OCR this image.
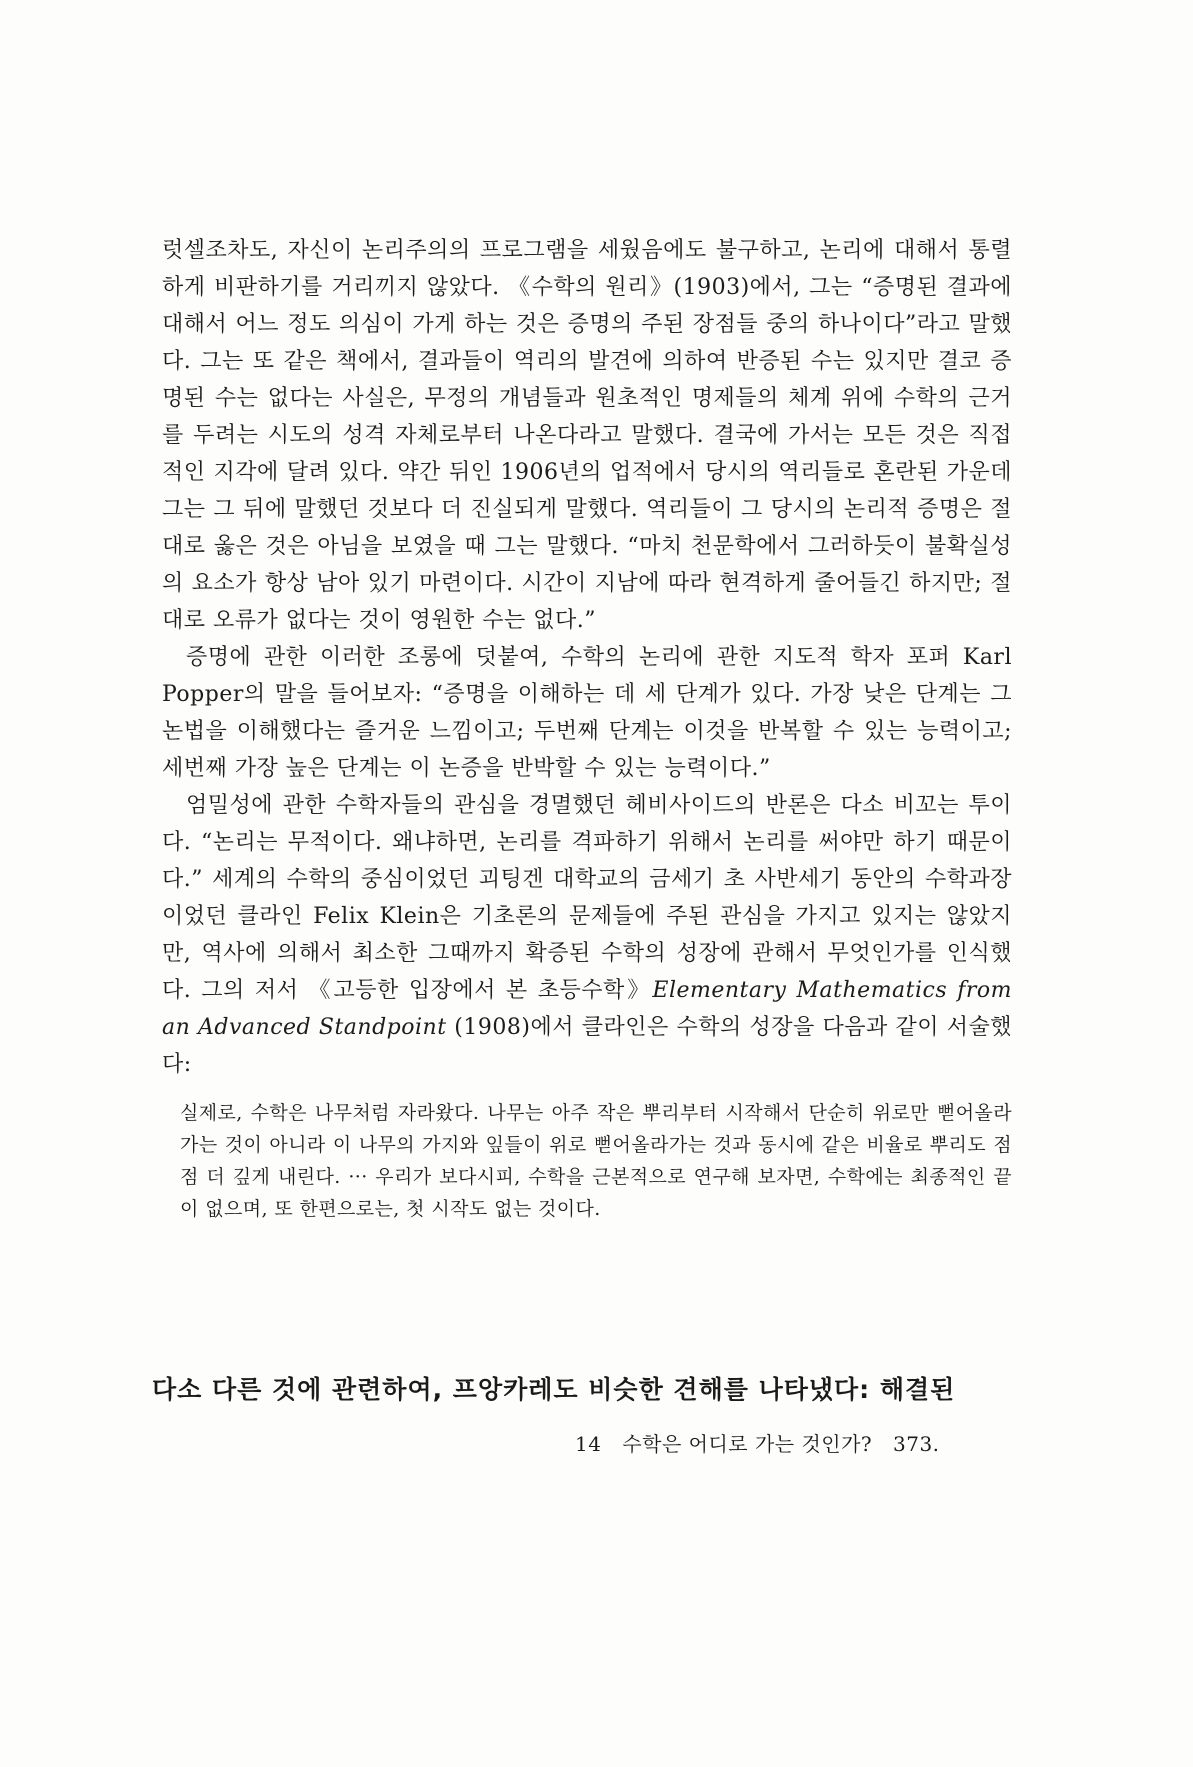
럿셀조차도, 자신이 논리주의의 프로그램을 세웠음에도 불구하고, 논리에 대해서 통렬하게 비판하기를 거리끼지 않았다. 《수학의 원리》(1903)에서, 그는 “증명된 결과에 대해서 어느 정도 의심이 가게 하는 것은 증명의 주된 장점들 중의 하나이다”라고 말했다. 그는 또 같은 책에서, 결과들이 역리의 발견에 의하여 반증된 수는 있지만 결코 증명된 수는 없다는 사실은, 무정의 개념들과 원초적인 명제들의 체계 위에 수학의 근거를 두려는 시도의 성격 자체로부터 나온다라고 말했다. 결국에 가서는 모든 것은 직접적인 지각에 달려 있다. 약간 뒤인 1906년의 업적에서 당시의 역리들로 혼란된 가운데 그는 그 뒤에 말했던 것보다 더 진실되게 말했다. 역리들이 그 당시의 논리적 증명은 절대로 옳은 것은 아님을 보였을 때 그는 말했다. “마치 천문학에서 그러하듯이 불확실성의 요소가 항상 남아 있기 마련이다. 시간이 지남에 따라 현격하게 줄어들긴 하지만; 절대로 오류가 없다는 것이 영원한 수는 없다.”

증명에 관한 이러한 조롱에 덧붙여, 수학의 논리에 관한 지도적 학자 포퍼 Karl Popper의 말을 들어보자: “증명을 이해하는 데 세 단계가 있다. 가장 낮은 단계는 그 논법을 이해했다는 즐거운 느낌이고; 두번째 단계는 이것을 반복할 수 있는 능력이고; 세번째 가장 높은 단계는 이 논증을 반박할 수 있는 능력이다.”

엄밀성에 관한 수학자들의 관심을 경멸했던 헤비사이드의 반론은 다소 비꼬는 투이다. “논리는 무적이다. 왜냐하면, 논리를 격파하기 위해서 논리를 써야만 하기 때문이다.” 세계의 수학의 중심이었던 괴팅겐 대학교의 금세기 초 사반세기 동안의 수학과장이었던 클라인 Felix Klein은 기초론의 문제들에 주된 관심을 가지고 있지는 않았지만, 역사에 의해서 최소한 그때까지 확증된 수학의 성장에 관해서 무엇인가를 인식했다. 그의 저서 《고등한 입장에서 본 초등수학》Elementary Mathematics from an Advanced Standpoint (1908)에서 클라인은 수학의 성장을 다음과 같이 서술했다:

실제로, 수학은 나무처럼 자라왔다. 나무는 아주 작은 뿌리부터 시작해서 단순히 위로만 뻗어올라가는 것이 아니라 이 나무의 가지와 잎들이 위로 뻗어올라가는 것과 동시에 같은 비율로 뿌리도 점점 더 깊게 내린다. ··· 우리가 보다시피, 수학을 근본적으로 연구해 보자면, 수학에는 최종적인 끝이 없으며, 또 한편으로는, 첫 시작도 없는 것이다.

다소 다른 것에 관련하여, 프앙카레도 비슷한 견해를 나타냈다: 해결된
14 수학은 어디로 가는 것인가? 373.
